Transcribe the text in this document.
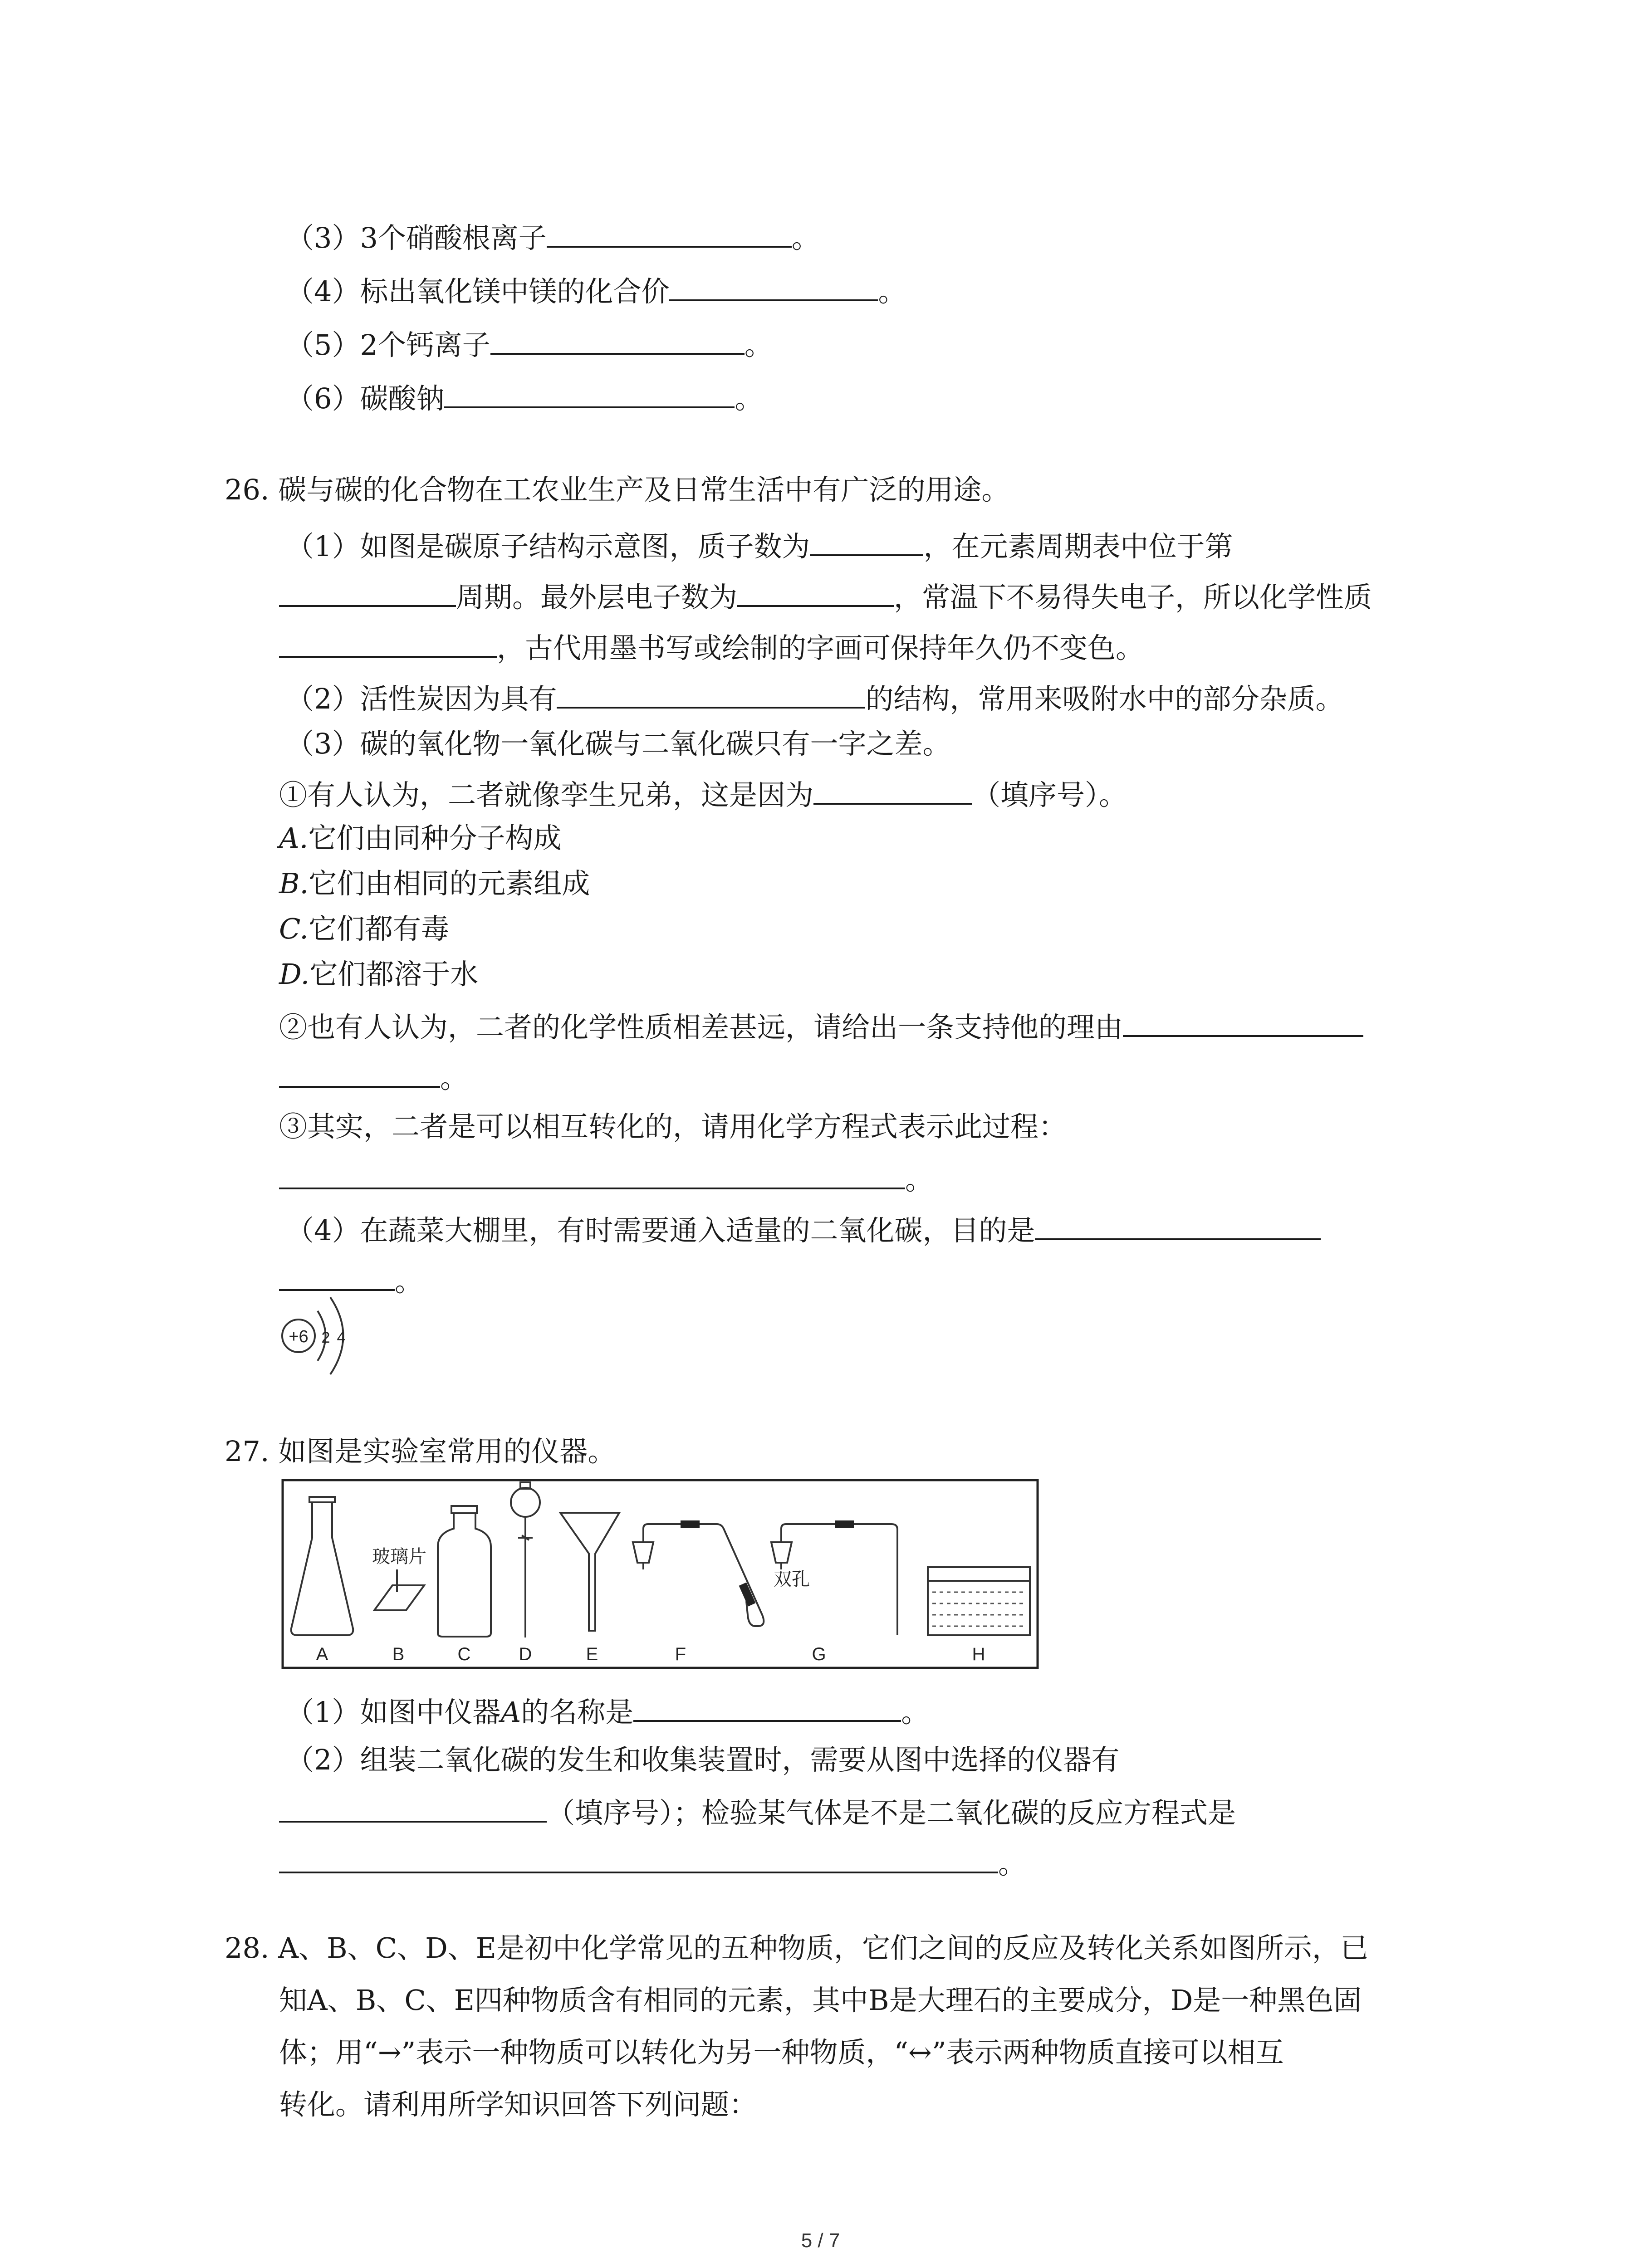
（3）3个硝酸根离子	。
（4）标出氧化镁中镁的化合价	。
（5）2个钙离子	。
（6）碳酸钠	。
26. 碳与碳的化合物在工农业生产及日常生活中有广泛的用途。
（1）如图是碳原子结构示意图，质子数为	，在元素周期表中位于第
周期。最外层电子数为	，常温下不易得失电子，所以化学性质
，古代用墨书写或绘制的字画可保持年久仍不变色。
（2）活性炭因为具有	的结构，常用来吸附水中的部分杂质。
（3）碳的氧化物一氧化碳与二氧化碳只有一字之差。
①有人认为，二者就像孪生兄弟，这是因为	（填序号）。
A.它们由同种分子构成
B.它们由相同的元素组成
C.它们都有毒
D.它们都溶于水
②也有人认为，二者的化学性质相差甚远，请给出一条支持他的理由
。
③其实，二者是可以相互转化的，请用化学方程式表示此过程：
。
（4）在蔬菜大棚里，有时需要通入适量的二氧化碳，目的是
。
+6 2 4
27. 如图是实验室常用的仪器。
玻璃片
双孔
A	B	C	D	E	F	G	H
（1）如图中仪器A的名称是	。
（2）组装二氧化碳的发生和收集装置时，需要从图中选择的仪器有
（填序号）；检验某气体是不是二氧化碳的反应方程式是
。
28. A、B、C、D、E是初中化学常见的五种物质，它们之间的反应及转化关系如图所示，已
知A、B、C、E四种物质含有相同的元素，其中B是大理石的主要成分，D是一种黑色固
体；用“→”表示一种物质可以转化为另一种物质，“↔”表示两种物质直接可以相互
转化。请利用所学知识回答下列问题：
5 / 7
